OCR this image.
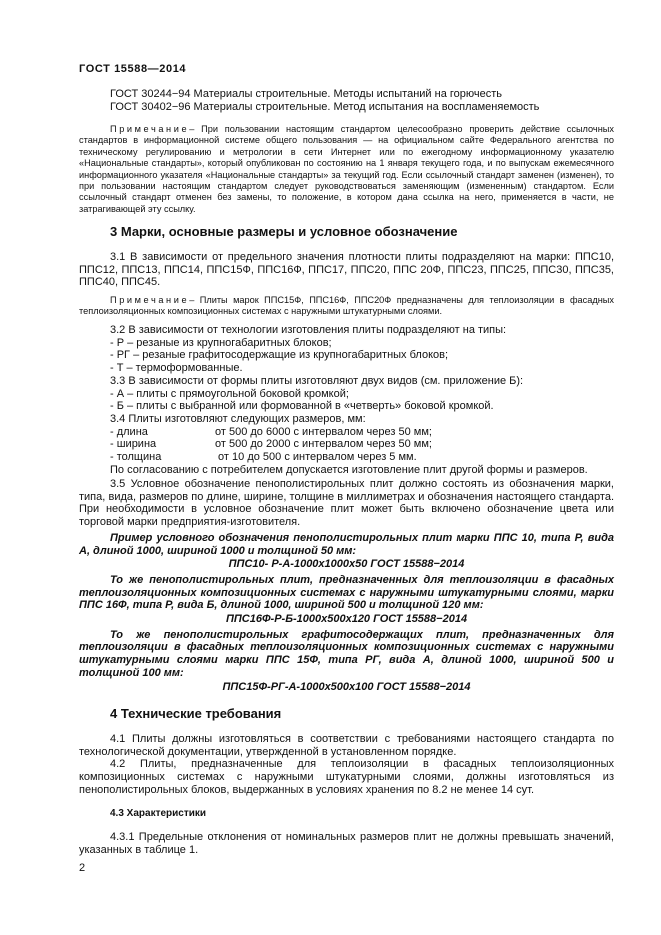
ГОСТ 15588—2014

ГОСТ 30244−94 Материалы строительные. Методы испытаний на горючесть

ГОСТ 30402−96 Материалы строительные. Метод испытания на воспламеняемость

Примечание– При пользовании настоящим стандартом целесообразно проверить действие ссылочных стандартов в информационной системе общего пользования — на официальном сайте Федерального агентства по техническому регулированию и метрологии в сети Интернет или по ежегодному информационному указателю «Национальные стандарты», который опубликован по состоянию на 1 января текущего года, и по выпускам ежемесячного информационного указателя «Национальные стандарты» за текущий год. Если ссылочный стандарт заменен (изменен), то при пользовании настоящим стандартом следует руководствоваться заменяющим (измененным) стандартом. Если ссылочный стандарт отменен без замены, то положение, в котором дана ссылка на него, применяется в части, не затрагивающей эту ссылку.
3 Марки, основные размеры и условное обозначение
3.1 В зависимости от предельного значения плотности плиты подразделяют на марки: ППС10, ППС12, ППС13, ППС14, ППС15Ф, ППС16Ф, ППС17, ППС20, ППС 20Ф, ППС23, ППС25, ППС30, ППС35, ППС40, ППС45.
Примечание– Плиты марок ППС15Ф, ППС16Ф, ППС20Ф предназначены для теплоизоляции в фасадных теплоизоляционных композиционных системах с наружными штукатурными слоями.

3.2 В зависимости от технологии изготовления плиты подразделяют на типы:

- Р – резаные из крупногабаритных блоков;

- РГ – резаные графитосодержащие из крупногабаритных блоков;

- Т – термоформованные.

3.3 В зависимости от формы плиты изготовляют двух видов (см. приложение Б):

- А – плиты с прямоугольной боковой кромкой;

- Б – плиты с выбранной или формованной в «четверть» боковой кромкой.

3.4 Плиты изготовляют следующих размеров, мм:

- длина	от 500 до 6000 с интервалом через 50 мм;

- ширина	от 500 до 2000 с интервалом через 50 мм;

- толщина	от 10 до 500 с интервалом через 5 мм.

По согласованию с потребителем допускается изготовление плит другой формы и размеров.

3.5 Условное обозначение пенополистирольных плит должно состоять из обозначения марки, типа, вида, размеров по длине, ширине, толщине в миллиметрах и обозначения настоящего стандарта. При необходимости в условное обозначение плит может быть включено обозначение цвета или торговой марки предприятия-изготовителя.

Пример условного обозначения пенополистирольных плит марки ППС 10, типа Р, вида А, длиной 1000, шириной 1000 и толщиной 50 мм:

ППС10- Р-А-1000x1000x50 ГОСТ 15588−2014

То же пенополистирольных плит, предназначенных для теплоизоляции в фасадных теплоизоляционных композиционных системах с наружными штукатурными слоями, марки ППС 16Ф, типа Р, вида Б, длиной 1000, шириной 500 и толщиной 120 мм:

ППС16Ф-Р-Б-1000x500x120 ГОСТ 15588−2014

То же пенополистирольных графитосодержащих плит, предназначенных для теплоизоляции в фасадных теплоизоляционных композиционных системах с наружными штукатурными слоями марки ППС 15Ф, типа РГ, вида А, длиной 1000, шириной 500 и толщиной 100 мм:

ППС15Ф-РГ-А-1000x500x100 ГОСТ 15588−2014

4 Технические требования

4.1 Плиты должны изготовляться в соответствии с требованиями настоящего стандарта по технологической документации, утвержденной в установленном порядке.

4.2 Плиты, предназначенные для теплоизоляции в фасадных теплоизоляционных композиционных системах с наружными штукатурными слоями, должны изготовляться из пенополистирольных блоков, выдержанных в условиях хранения по 8.2 не менее 14 сут.

4.3 Характеристики
4.3.1 Предельные отклонения от номинальных размеров плит не должны превышать значений, указанных в таблице 1.
2
